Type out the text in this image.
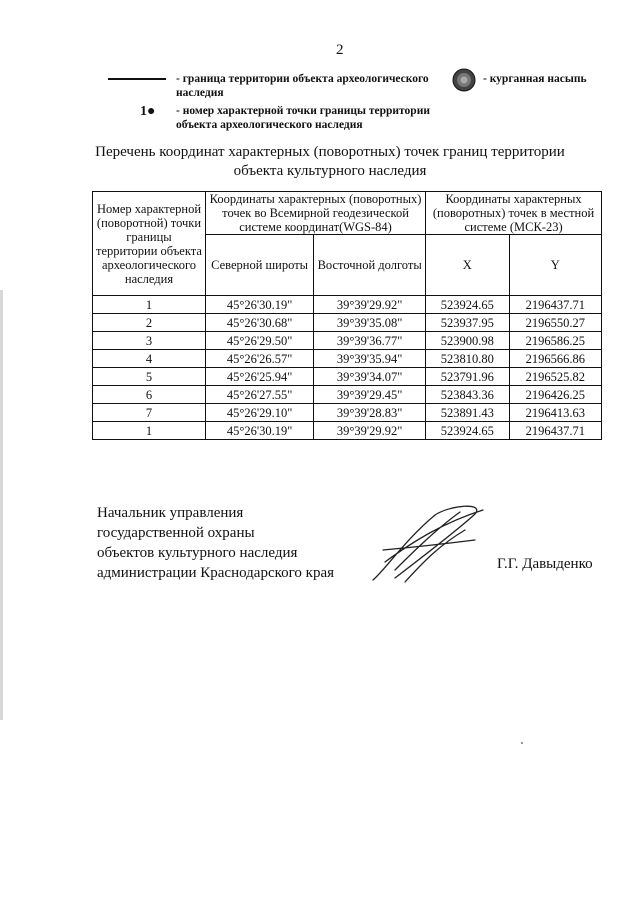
2
- граница территории объекта археологического наследия
- курганная насыпь
1● - номер характерной точки границы территории объекта археологического наследия
Перечень координат характерных (поворотных) точек границ территории объекта культурного наследия
Номер характерной (поворотной) точки границы территории объекта археологического наследия	Координаты характерных (поворотных) точек во Всемирной геодезической системе координат(WGS-84)		Координаты характерных (поворотных) точек в местной системе (МСК-23)	
	Северной широты	Восточной долготы	X	Y
1	45°26'30.19"	39°39'29.92"	523924.65	2196437.71
2	45°26'30.68"	39°39'35.08"	523937.95	2196550.27
3	45°26'29.50"	39°39'36.77"	523900.98	2196586.25
4	45°26'26.57"	39°39'35.94"	523810.80	2196566.86
5	45°26'25.94"	39°39'34.07"	523791.96	2196525.82
6	45°26'27.55"	39°39'29.45"	523843.36	2196426.25
7	45°26'29.10"	39°39'28.83"	523891.43	2196413.63
1	45°26'30.19"	39°39'29.92"	523924.65	2196437.71
Начальник управления
государственной охраны
объектов культурного наследия
администрации Краснодарского края
Г.Г. Давыденко
